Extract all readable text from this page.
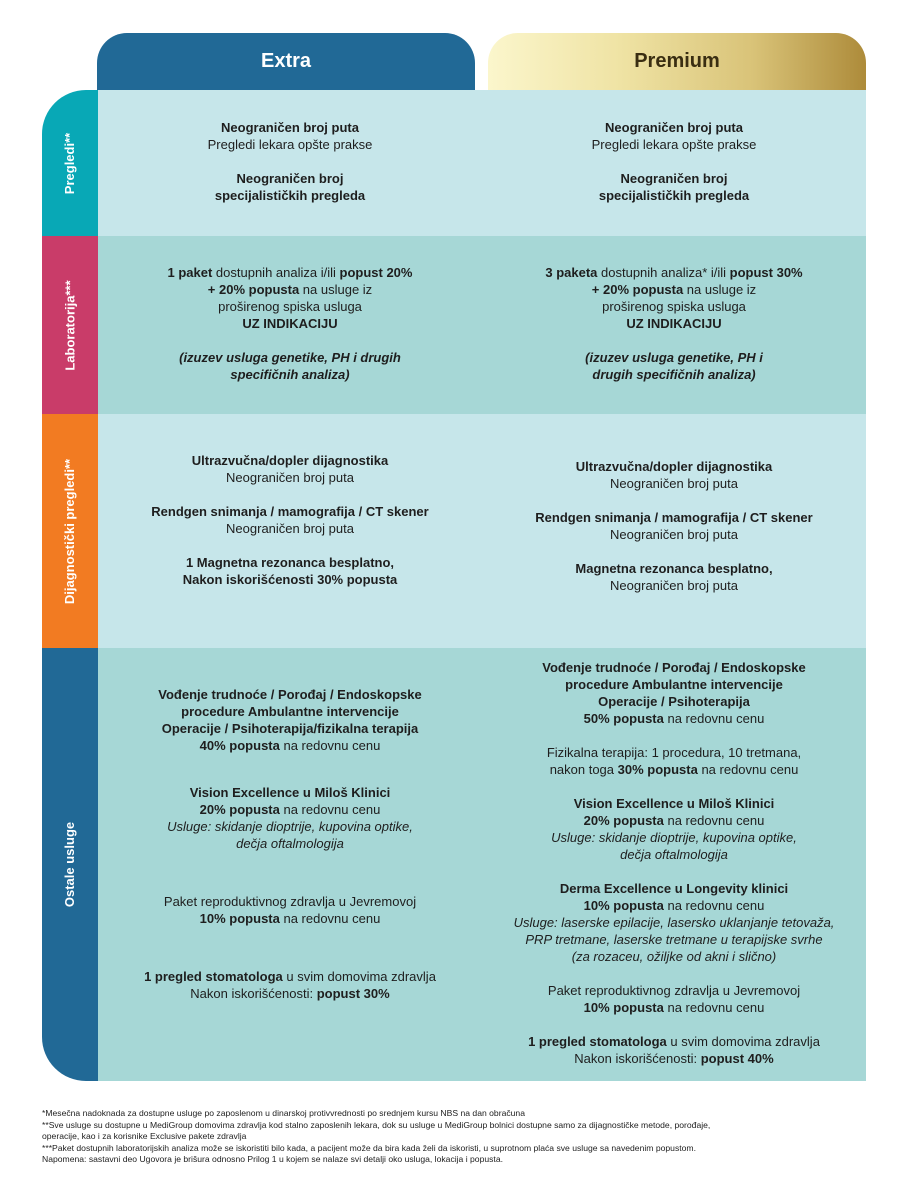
Extra	Premium
Pregledi**
Laboratorija***
Dijagnostički pregledi**
Ostale usluge
Neograničen broj puta
Pregledi lekara opšte prakse
Neograničen broj
specijalističkih pregleda
Neograničen broj puta
Pregledi lekara opšte prakse
Neograničen broj
specijalističkih pregleda
1 paket dostupnih analiza i/ili popust 20%
+ 20% popusta na usluge iz
proširenog spiska usluga
UZ INDIKACIJU
(izuzev usluga genetike, PH i drugih
specifičnih analiza)
3 paketa dostupnih analiza* i/ili popust 30%
+ 20% popusta na usluge iz
proširenog spiska usluga
UZ INDIKACIJU
(izuzev usluga genetike, PH i
drugih specifičnih analiza)
Ultrazvučna/dopler dijagnostika
Neograničen broj puta
Rendgen snimanja / mamografija / CT skener
Neograničen broj puta
1 Magnetna rezonanca besplatno,
Nakon iskorišćenosti 30% popusta
Ultrazvučna/dopler dijagnostika
Neograničen broj puta
Rendgen snimanja / mamografija / CT skener
Neograničen broj puta
Magnetna rezonanca besplatno,
Neograničen broj puta
Vođenje trudnoće / Porođaj / Endoskopske
procedure Ambulantne intervencije
Operacije / Psihoterapija/fizikalna terapija
40% popusta na redovnu cenu
Vision Excellence u Miloš Klinici
20% popusta na redovnu cenu
Usluge: skidanje dioptrije, kupovina optike,
dečja oftalmologija
Paket reproduktivnog zdravlja u Jevremovoj
10% popusta na redovnu cenu
1 pregled stomatologa u svim domovima zdravlja
Nakon iskorišćenosti: popust 30%
Vođenje trudnoće / Porođaj / Endoskopske
procedure Ambulantne intervencije
Operacije / Psihoterapija
50% popusta na redovnu cenu
Fizikalna terapija: 1 procedura, 10 tretmana,
nakon toga 30% popusta na redovnu cenu
Vision Excellence u Miloš Klinici
20% popusta na redovnu cenu
Usluge: skidanje dioptrije, kupovina optike,
dečja oftalmologija
Derma Excellence u Longevity klinici
10% popusta na redovnu cenu
Usluge: laserske epilacije, lasersko uklanjanje tetovaža,
PRP tretmane, laserske tretmane u terapijske svrhe
(za rozaceu, ožiljke od akni i slično)
Paket reproduktivnog zdravlja u Jevremovoj
10% popusta na redovnu cenu
1 pregled stomatologa u svim domovima zdravlja
Nakon iskorišćenosti: popust 40%
*Mesečna nadoknada za dostupne usluge po zaposlenom u dinarskoj protivvrednosti po srednjem kursu NBS na dan obračuna
**Sve usluge su dostupne u MediGroup domovima zdravlja kod stalno zaposlenih lekara, dok su usluge u MediGroup bolnici dostupne samo za dijagnostičke metode, porođaje,
operacije, kao i za korisnike Exclusive pakete zdravlja
***Paket dostupnih laboratorijskih analiza može se iskoristiti bilo kada, a pacijent može da bira kada želi da iskoristi, u suprotnom plaća sve usluge sa navedenim popustom.
Napomena: sastavni deo Ugovora je brišura odnosno Prilog 1 u kojem se nalaze svi detalji oko usluga, lokacija i popusta.
